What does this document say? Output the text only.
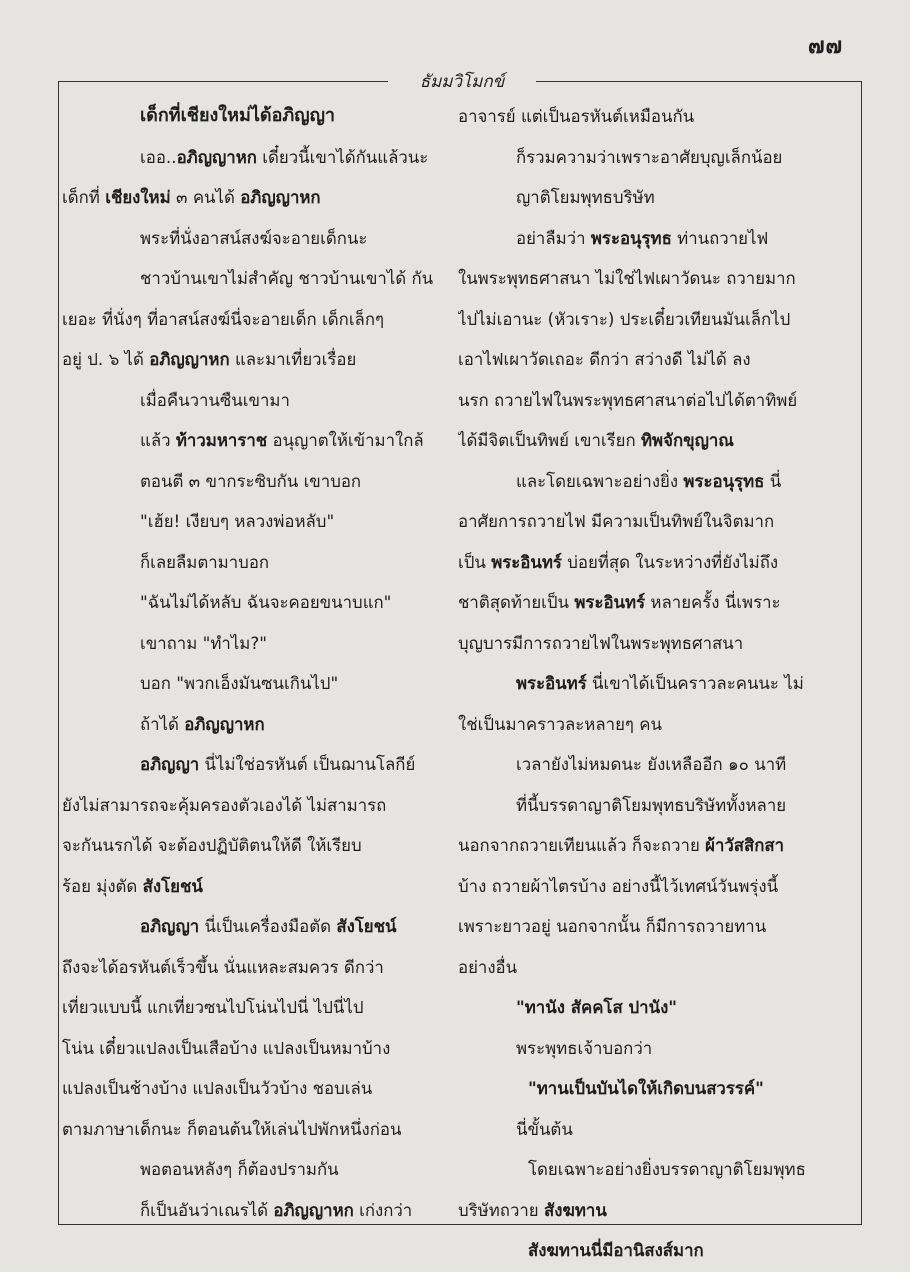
๗๗
ธัมมวิโมกข์
เด็กที่เชียงใหม่ได้อภิญญา
เออ..อภิญญาหก เดี๋ยวนี้เขาได้กันแล้วนะ
เด็กที่ เชียงใหม่ ๓ คนได้ อภิญญาหก
พระที่นั่งอาสน์สงฆ์จะอายเด็กนะ
ชาวบ้านเขาไม่สำคัญ ชาวบ้านเขาได้ กัน
เยอะ ที่นั่งๆ ที่อาสน์สงฆ์นี่จะอายเด็ก เด็กเล็กๆ
อยู่ ป. ๖ ได้ อภิญญาหก และมาเที่ยวเรื่อย
เมื่อคืนวานซืนเขามา
แล้ว ท้าวมหาราช อนุญาตให้เข้ามาใกล้
ตอนตี ๓ ขากระซิบกัน เขาบอก
"เฮ้ย! เงียบๆ หลวงพ่อหลับ"
ก็เลยลืมตามาบอก
"ฉันไม่ได้หลับ ฉันจะคอยขนาบแก"
เขาถาม "ทำไม?"
บอก "พวกเอ็งมันซนเกินไป"
ถ้าได้ อภิญญาหก
อภิญญา นี่ไม่ใช่อรหันต์ เป็นฌานโลกีย์
ยังไม่สามารถจะคุ้มครองตัวเองได้ ไม่สามารถ
จะกันนรกได้ จะต้องปฏิบัติตนให้ดี ให้เรียบ
ร้อย มุ่งตัด สังโยชน์
อภิญญา นี่เป็นเครื่องมือตัด สังโยชน์
ถึงจะได้อรหันต์เร็วขึ้น นั่นแหละสมควร ดีกว่า
เที่ยวแบบนี้ แกเที่ยวซนไปโน่นไปนี่ ไปนี่ไป
โน่น เดี๋ยวแปลงเป็นเสือบ้าง แปลงเป็นหมาบ้าง
แปลงเป็นช้างบ้าง แปลงเป็นวัวบ้าง ชอบเล่น
ตามภาษาเด็กนะ ก็ตอนต้นให้เล่นไปพักหนึ่งก่อน
พอตอนหลังๆ ก็ต้องปรามกัน
ก็เป็นอันว่าเณรได้ อภิญญาหก เก่งกว่า
อาจารย์ แต่เป็นอรหันต์เหมือนกัน
ก็รวมความว่าเพราะอาศัยบุญเล็กน้อย
ญาติโยมพุทธบริษัท
อย่าลืมว่า พระอนุรุทธ ท่านถวายไฟ
ในพระพุทธศาสนา ไม่ใช่ไฟเผาวัดนะ ถวายมาก
ไปไม่เอานะ (หัวเราะ) ประเดี๋ยวเทียนมันเล็กไป
เอาไฟเผาวัดเถอะ ดีกว่า สว่างดี ไม่ได้ ลง
นรก ถวายไฟในพระพุทธศาสนาต่อไปได้ตาทิพย์
ได้มีจิตเป็นทิพย์ เขาเรียก ทิพจักขุญาณ
และโดยเฉพาะอย่างยิ่ง พระอนุรุทธ นี่
อาศัยการถวายไฟ มีความเป็นทิพย์ในจิตมาก
เป็น พระอินทร์ บ่อยที่สุด ในระหว่างที่ยังไม่ถึง
ชาติสุดท้ายเป็น พระอินทร์ หลายครั้ง นี่เพราะ
บุญบารมีการถวายไฟในพระพุทธศาสนา
พระอินทร์ นี่เขาได้เป็นคราวละคนนะ ไม่
ใช่เป็นมาคราวละหลายๆ คน
เวลายังไม่หมดนะ ยังเหลืออีก ๑๐ นาที
ที่นี้บรรดาญาติโยมพุทธบริษัททั้งหลาย
นอกจากถวายเทียนแล้ว ก็จะถวาย ผ้าวัสสิกสา
บ้าง ถวายผ้าไตรบ้าง อย่างนี้ไว้เทศน์วันพรุ่งนี้
เพราะยาวอยู่ นอกจากนั้น ก็มีการถวายทาน
อย่างอื่น
"ทานัง สัคคโส ปานัง"
พระพุทธเจ้าบอกว่า
"ทานเป็นบันไดให้เกิดบนสวรรค์"
นี่ขั้นต้น
โดยเฉพาะอย่างยิ่งบรรดาญาติโยมพุทธ
บริษัทถวาย สังฆทาน
สังฆทานนี่มีอานิสงส์มาก
